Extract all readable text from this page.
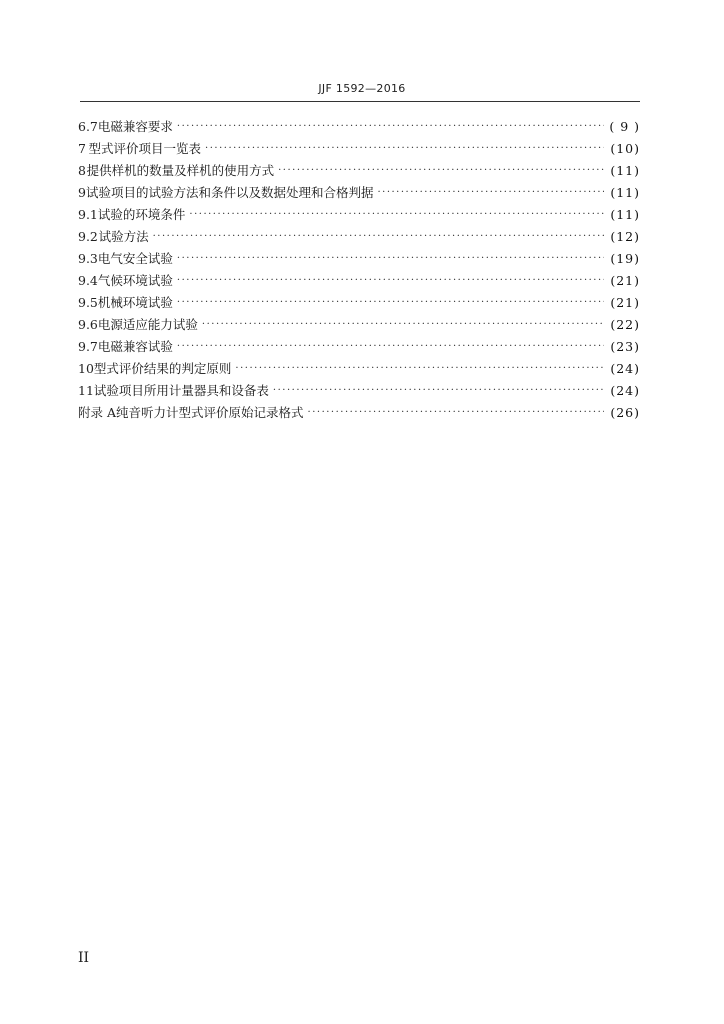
JJF 1592—2016
6.7 电磁兼容要求 ·····	( 9 )
7 型式评价项目一览表 ·····	(10)
8 提供样机的数量及样机的使用方式 ·····	(11)
9 试验项目的试验方法和条件以及数据处理和合格判据 ·····	(11)
9.1 试验的环境条件 ·····	(11)
9.2 试验方法 ·····	(12)
9.3 电气安全试验 ·····	(19)
9.4 气候环境试验 ·····	(21)
9.5 机械环境试验 ·····	(21)
9.6 电源适应能力试验 ·····	(22)
9.7 电磁兼容试验 ·····	(23)
10 型式评价结果的判定原则 ·····	(24)
11 试验项目所用计量器具和设备表 ·····	(24)
附录 A 纯音听力计型式评价原始记录格式 ·····	(26)
II
